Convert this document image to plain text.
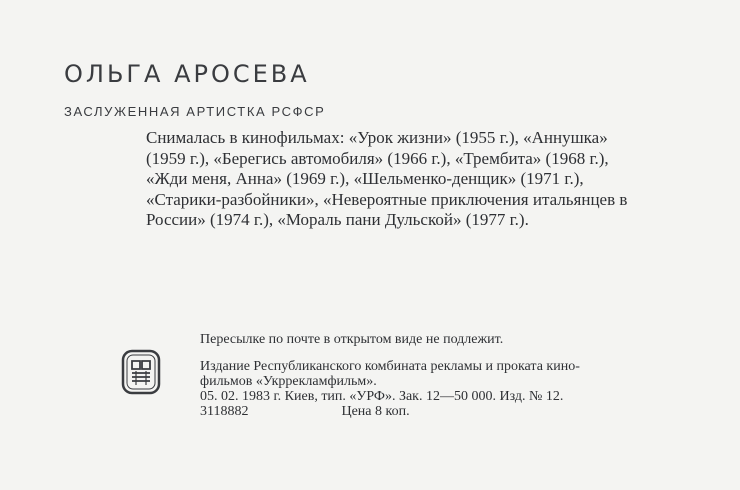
ОЛЬГА АРОСЕВА
ЗАСЛУЖЕННАЯ АРТИСТКА РСФСР
Снималась в кинофильмах: «Урок жизни» (1955 г.), «Аннушка»
(1959 г.), «Берегись автомобиля» (1966 г.), «Трембита» (1968 г.),
«Жди меня, Анна» (1969 г.), «Шельменко-денщик» (1971 г.),
«Старики-разбойники», «Невероятные приключения итальянцев в
России» (1974 г.), «Мораль пани Дульской» (1977 г.).
Пересылке по почте в открытом виде не подлежит.
Издание Республиканского комбината рекламы и проката кино-
фильмов «Укррекламфильм».
05. 02. 1983 г. Киев, тип. «УРФ». Зак. 12—50 000. Изд. № 12.
3118882	Цена 8 коп.
